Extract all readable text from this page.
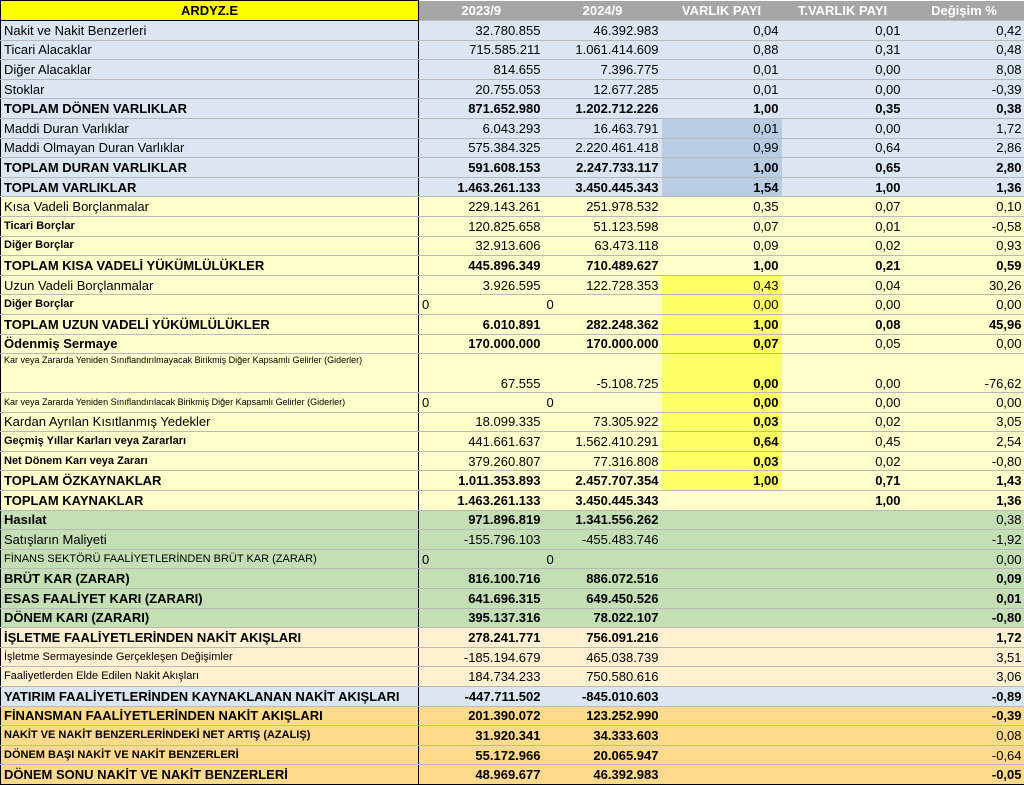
ARDYZ.E	2023/9	2024/9	VARLIK PAYI	T.VARLIK PAYI	Değişim %
Nakit ve Nakit Benzerleri	32.780.855	46.392.983	0,04	0,01	0,42
Ticari Alacaklar	715.585.211	1.061.414.609	0,88	0,31	0,48
Diğer Alacaklar	814.655	7.396.775	0,01	0,00	8,08
Stoklar	20.755.053	12.677.285	0,01	0,00	-0,39
TOPLAM DÖNEN VARLIKLAR	871.652.980	1.202.712.226	1,00	0,35	0,38
Maddi Duran Varlıklar	6.043.293	16.463.791	0,01	0,00	1,72
Maddi Olmayan Duran Varlıklar	575.384.325	2.220.461.418	0,99	0,64	2,86
TOPLAM DURAN VARLIKLAR	591.608.153	2.247.733.117	1,00	0,65	2,80
TOPLAM VARLIKLAR	1.463.261.133	3.450.445.343	1,54	1,00	1,36
Kısa Vadeli Borçlanmalar	229.143.261	251.978.532	0,35	0,07	0,10
Ticari Borçlar	120.825.658	51.123.598	0,07	0,01	-0,58
Diğer Borçlar	32.913.606	63.473.118	0,09	0,02	0,93
TOPLAM KISA VADELİ YÜKÜMLÜLÜKLER	445.896.349	710.489.627	1,00	0,21	0,59
Uzun Vadeli Borçlanmalar	3.926.595	122.728.353	0,43	0,04	30,26
Diğer Borçlar	0	0	0,00	0,00	0,00
TOPLAM UZUN VADELİ YÜKÜMLÜLÜKLER	6.010.891	282.248.362	1,00	0,08	45,96
Ödenmiş Sermaye	170.000.000	170.000.000	0,07	0,05	0,00
Kar veya Zararda Yeniden Sınıflandırılmayacak Birikmiş Diğer Kapsamlı Gelirler (Giderler)	67.555	-5.108.725	0,00	0,00	-76,62
Kar veya Zararda Yeniden Sınıflandırılacak Birikmiş Diğer Kapsamlı Gelirler (Giderler)	0	0	0,00	0,00	0,00
Kardan Ayrılan Kısıtlanmış Yedekler	18.099.335	73.305.922	0,03	0,02	3,05
Geçmiş Yıllar Karları veya Zararları	441.661.637	1.562.410.291	0,64	0,45	2,54
Net Dönem Karı veya Zararı	379.260.807	77.316.808	0,03	0,02	-0,80
TOPLAM ÖZKAYNAKLAR	1.011.353.893	2.457.707.354	1,00	0,71	1,43
TOPLAM KAYNAKLAR	1.463.261.133	3.450.445.343		1,00	1,36
Hasılat	971.896.819	1.341.556.262			0,38
Satışların Maliyeti	-155.796.103	-455.483.746			-1,92
FİNANS SEKTÖRÜ FAALİYETLERİNDEN BRÜT KAR (ZARAR)	0	0			0,00
BRÜT KAR (ZARAR)	816.100.716	886.072.516			0,09
ESAS FAALİYET KARI (ZARARI)	641.696.315	649.450.526			0,01
DÖNEM KARI (ZARARI)	395.137.316	78.022.107			-0,80
İŞLETME FAALİYETLERİNDEN NAKİT AKIŞLARI	278.241.771	756.091.216			1,72
İşletme Sermayesinde Gerçekleşen Değişimler	-185.194.679	465.038.739			3,51
Faaliyetlerden Elde Edilen Nakit Akışları	184.734.233	750.580.616			3,06
YATIRIM FAALİYETLERİNDEN KAYNAKLANAN NAKİT AKIŞLARI	-447.711.502	-845.010.603			-0,89
FİNANSMAN FAALİYETLERİNDEN NAKİT AKIŞLARI	201.390.072	123.252.990			-0,39
NAKİT VE NAKİT BENZERLERİNDEKİ NET ARTIŞ (AZALIŞ)	31.920.341	34.333.603			0,08
DÖNEM BAŞI NAKİT VE NAKİT BENZERLERİ	55.172.966	20.065.947			-0,64
DÖNEM SONU NAKİT VE NAKİT BENZERLERİ	48.969.677	46.392.983			-0,05
